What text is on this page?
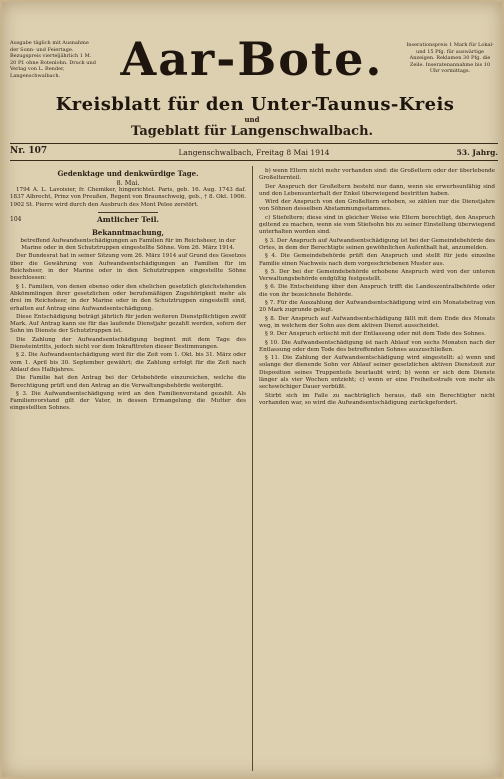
Ausgabe täglich mit Ausnahme der Sonn- und Feiertage. Bezugspreis vierteljährlich 1 M. 20 Pf. ohne Botenlohn. Druck und Verlag von L. Bender, Langenschwalbach.	Aar-Bote.	Inserationspreis 1 Mark für Lokal- und 15 Pfg. für auswärtige Anzeigen. Reklamen 30 Pfg. die Zeile. Inseratenannahme bis 10 Uhr vormittags.
Kreisblatt für den Unter-Taunus-Kreis
und
Tageblatt für Langenschwalbach.
Nr. 107	Langenschwalbach, Freitag 8 Mai 1914	53. Jahrg.
Gedenktage und denkwürdige Tage.
8. Mai.

1794 A. L. Lavoisier, fr. Chemiker, hingerichtet. Paris, geb. 16. Aug. 1743 daf. 1837 Albrecht, Prinz von Preußen, Regent von Braunschweig, geb., † 8. Okt. 1906. 1902 St. Pierre wird durch den Ausbruch des Mont Pelee zerstört.

104	Amtlicher Teil.
Bekanntmachung,

betreffend Aufwandsentschädigungen an Familien für im Reichsheer, in der Marine oder in den Schutztruppen eingestellte Söhne. Vom 26. März 1914.

Der Bundesrat hat in seiner Sitzung vom 26. März 1914 auf Grund des Gesetzes über die Gewährung von Aufwandsentschädigungen an Familien für im Reichsheer, in der Marine oder in den Schutztruppen eingestellte Söhne beschlossen:

§ 1. Familien, von denen ebenso oder den ehelichen gesetzlich gleichstehenden Abkömmlingen ihrer gesetzlichen oder berufsmäßigen Zugehörigkeit mehr als drei im Reichsheer, in der Marine oder in den Schutztruppen eingestellt sind, erhalten auf Antrag eine Aufwandsentschädigung.

Diese Entschädigung beträgt jährlich für jeden weiteren Dienstpflichtigen zwölf Mark. Auf Antrag kann sie für das laufende Dienstjahr gezahlt werden, sofern der Sohn im Dienste der Schutztruppen ist.

Die Zahlung der Aufwandsentschädigung beginnt mit dem Tage des Diensteintritts, jedoch nicht vor dem Inkrafttreten dieser Bestimmungen.

§ 2. Die Aufwandsentschädigung wird für die Zeit vom 1. Okt. bis 31. März oder vom 1. April bis 30. September gewährt; die Zahlung erfolgt für die Zeit nach Ablauf des Halbjahres.

Die Familie hat den Antrag bei der Ortsbehörde einzureichen, welche die Berechtigung prüft und den Antrag an die Verwaltungsbehörde weitergibt.

§ 3. Die Aufwandsentschädigung wird an den Familienvorstand gezahlt. Als Familienvorstand gilt der Vater, in dessen Ermangelung die Mutter des eingestellten Sohnes.

b) wenn Eltern nicht mehr vorhanden sind: die Großeltern oder der überlebende Großelternteil.

Der Anspruch der Großeltern besteht nur dann, wenn sie erwerbsunfähig sind und den Lebensunterhalt der Enkel überwiegend bestritten haben.

Wird der Anspruch von den Großeltern erhoben, so zählen nur die Dienstjahre von Söhnen desselben Abstammungsstammes.

c) Stiefeltern; diese sind in gleicher Weise wie Eltern berechtigt, den Anspruch geltend zu machen, wenn sie vom Stiefsohn bis zu seiner Einstellung überwiegend unterhalten worden sind.

§ 3. Der Anspruch auf Aufwandsentschädigung ist bei der Gemeindebehörde des Ortes, in dem der Berechtigte seinen gewöhnlichen Aufenthalt hat, anzumelden.

§ 4. Die Gemeindebehörde prüft den Anspruch und stellt für jede einzelne Familie einen Nachweis nach dem vorgeschriebenen Muster aus.

§ 5. Der bei der Gemeindebehörde erhobene Anspruch wird von der unteren Verwaltungsbehörde endgültig festgestellt.

§ 6. Die Entscheidung über den Anspruch trifft die Landeszentralbehörde oder die von ihr bezeichnete Behörde.

§ 7. Für die Auszahlung der Aufwandsentschädigung wird ein Monatsbetrag von 20 Mark zugrunde gelegt.

§ 8. Der Anspruch auf Aufwandsentschädigung fällt mit dem Ende des Monats weg, in welchem der Sohn aus dem aktiven Dienst ausscheidet.

§ 9. Der Anspruch erlischt mit der Entlassung oder mit dem Tode des Sohnes.

§ 10. Die Aufwandsentschädigung ist nach Ablauf von sechs Monaten nach der Entlassung oder dem Tode des betreffenden Sohnes auszuschließen.

§ 11. Die Zahlung der Aufwandsentschädigung wird eingestellt: a) wenn und solange der dienende Sohn vor Ablauf seiner gesetzlichen aktiven Dienstzeit zur Disposition seines Truppenteils beurlaubt wird; b) wenn er sich dem Dienste länger als vier Wochen entzieht; c) wenn er eine Freiheitsstrafe von mehr als sechswöchiger Dauer verbüßt.

Stirbt sich im Falle zu nachträglich heraus, daß ein Berechtigter nicht vorhanden war, so wird die Aufwandsentschädigung zurückgefordert.
